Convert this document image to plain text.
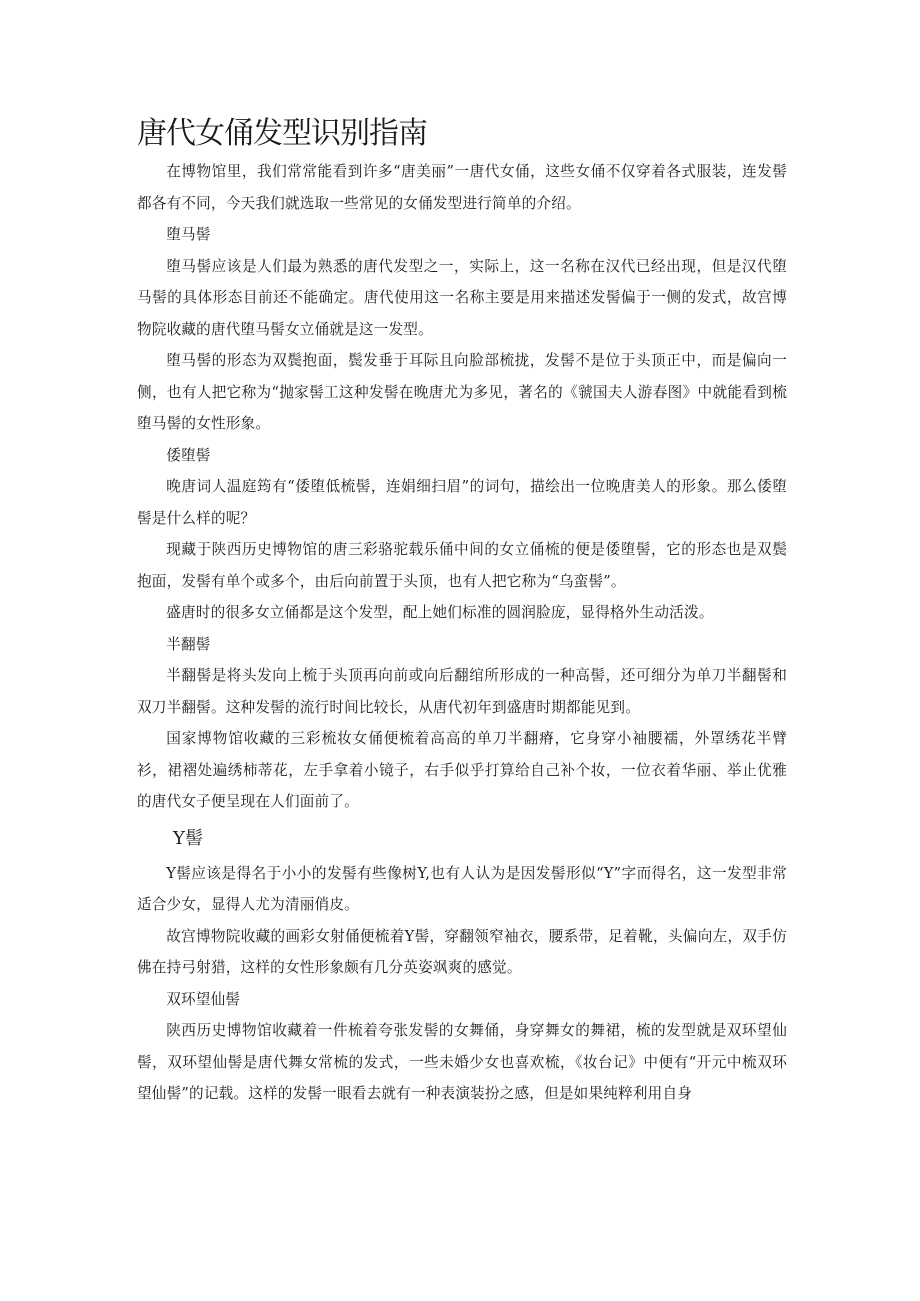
唐代女俑发型识别指南

在博物馆里，我们常常能看到许多“唐美丽”一唐代女俑，这些女俑不仅穿着各式服装，连发髻都各有不同，今天我们就选取一些常见的女俑发型进行简单的介绍。

堕马髻

堕马髻应该是人们最为熟悉的唐代发型之一，实际上，这一名称在汉代已经出现，但是汉代堕马髻的具体形态目前还不能确定。唐代使用这一名称主要是用来描述发髻偏于一侧的发式，故宫博物院收藏的唐代堕马髻女立俑就是这一发型。

堕马髻的形态为双鬓抱面，鬓发垂于耳际且向脸部梳拢，发髻不是位于头顶正中，而是偏向一侧，也有人把它称为“抛家髻工这种发髻在晚唐尤为多见，著名的《虢国夫人游春图》中就能看到梳堕马髻的女性形象。

倭堕髻

晚唐词人温庭筠有“倭堕低梳髻，连娟细扫眉”的词句，描绘出一位晚唐美人的形象。那么倭堕髻是什么样的呢？

现藏于陕西历史博物馆的唐三彩骆驼载乐俑中间的女立俑梳的便是倭堕髻，它的形态也是双鬓抱面，发髻有单个或多个，由后向前置于头顶，也有人把它称为“乌蛮髻”。

盛唐时的很多女立俑都是这个发型，配上她们标准的圆润脸庞，显得格外生动活泼。

半翻髻

半翻髻是将头发向上梳于头顶再向前或向后翻绾所形成的一种高髻，还可细分为单刀半翻髻和双刀半翻髻。这种发髻的流行时间比较长，从唐代初年到盛唐时期都能见到。

国家博物馆收藏的三彩梳妆女俑便梳着高高的单刀半翻瘠，它身穿小袖腰襦，外罩绣花半臂衫，裙褶处遍绣柿蒂花，左手拿着小镜子，右手似乎打算给自己补个妆，一位衣着华丽、举止优雅的唐代女子便呈现在人们面前了。

Y髻

Y髻应该是得名于小小的发髻有些像树Y,也有人认为是因发髻形似“Y”字而得名，这一发型非常适合少女，显得人尤为清丽俏皮。

故宫博物院收藏的画彩女射俑便梳着Y髻，穿翻领窄袖衣，腰系带，足着靴，头偏向左，双手仿佛在持弓射猎，这样的女性形象颇有几分英姿飒爽的感觉。

双环望仙髻

陕西历史博物馆收藏着一件梳着夸张发髻的女舞俑，身穿舞女的舞裙，梳的发型就是双环望仙髻，双环望仙髻是唐代舞女常梳的发式，一些未婚少女也喜欢梳，《妆台记》中便有“开元中梳双环望仙髻”的记载。这样的发髻一眼看去就有一种表演装扮之感，但是如果纯粹利用自身
